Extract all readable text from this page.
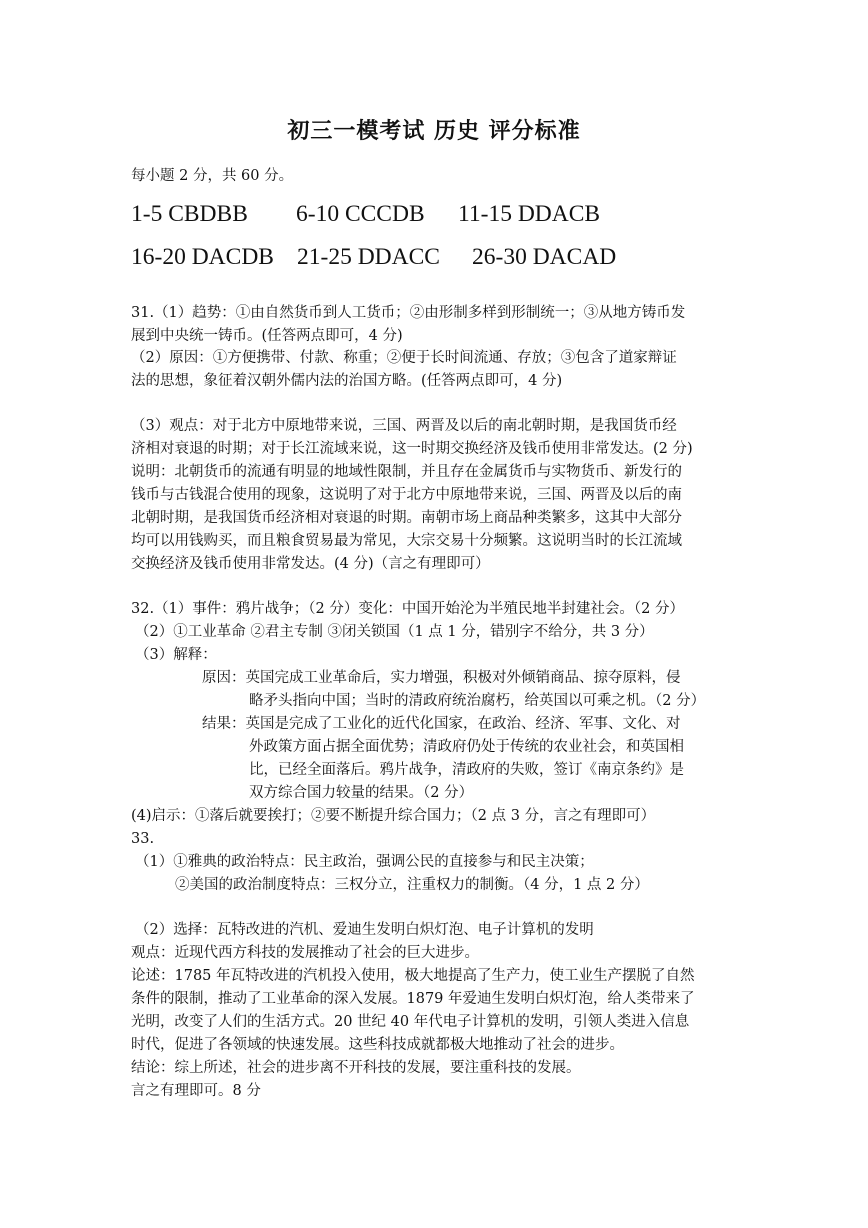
初三一模考试 历史 评分标准
每小题 2 分，共 60 分。
1-5 CBDBB 6-10 CCCDB 11-15 DDACB
16-20 DACDB 21-25 DDACC 26-30 DACAD
31.（1）趋势：①由自然货币到人工货币；②由形制多样到形制统一；③从地方铸币发
展到中央统一铸币。(任答两点即可，4 分)
（2）原因：①方便携带、付款、称重；②便于长时间流通、存放；③包含了道家辩证
法的思想，象征着汉朝外儒内法的治国方略。(任答两点即可，4 分)
（3）观点：对于北方中原地带来说，三国、两晋及以后的南北朝时期，是我国货币经
济相对衰退的时期；对于长江流域来说，这一时期交换经济及钱币使用非常发达。(2 分)
说明：北朝货币的流通有明显的地域性限制，并且存在金属货币与实物货币、新发行的
钱币与古钱混合使用的现象，这说明了对于北方中原地带来说，三国、两晋及以后的南
北朝时期，是我国货币经济相对衰退的时期。南朝市场上商品种类繁多，这其中大部分
均可以用钱购买，而且粮食贸易最为常见，大宗交易十分频繁。这说明当时的长江流域
交换经济及钱币使用非常发达。(4 分)（言之有理即可）
32.（1）事件：鸦片战争；（2 分）变化：中国开始沦为半殖民地半封建社会。（2 分）
（2）①工业革命 ②君主专制 ③闭关锁国（1 点 1 分，错别字不给分，共 3 分）
（3）解释：
原因：英国完成工业革命后，实力增强，积极对外倾销商品、掠夺原料，侵
略矛头指向中国；当时的清政府统治腐朽，给英国以可乘之机。（2 分）
结果：英国是完成了工业化的近代化国家，在政治、经济、军事、文化、对
外政策方面占据全面优势；清政府仍处于传统的农业社会，和英国相
比，已经全面落后。鸦片战争，清政府的失败，签订《南京条约》是
双方综合国力较量的结果。（2 分）
(4)启示：①落后就要挨打；②要不断提升综合国力；（2 点 3 分，言之有理即可）
33.
（1）①雅典的政治特点：民主政治，强调公民的直接参与和民主决策；
②美国的政治制度特点：三权分立，注重权力的制衡。（4 分，1 点 2 分）
（2）选择：瓦特改进的汽机、爱迪生发明白炽灯泡、电子计算机的发明
观点：近现代西方科技的发展推动了社会的巨大进步。
论述：1785 年瓦特改进的汽机投入使用，极大地提高了生产力，使工业生产摆脱了自然
条件的限制，推动了工业革命的深入发展。1879 年爱迪生发明白炽灯泡，给人类带来了
光明，改变了人们的生活方式。20 世纪 40 年代电子计算机的发明，引领人类进入信息
时代，促进了各领域的快速发展。这些科技成就都极大地推动了社会的进步。
结论：综上所述，社会的进步离不开科技的发展，要注重科技的发展。
言之有理即可。8 分
